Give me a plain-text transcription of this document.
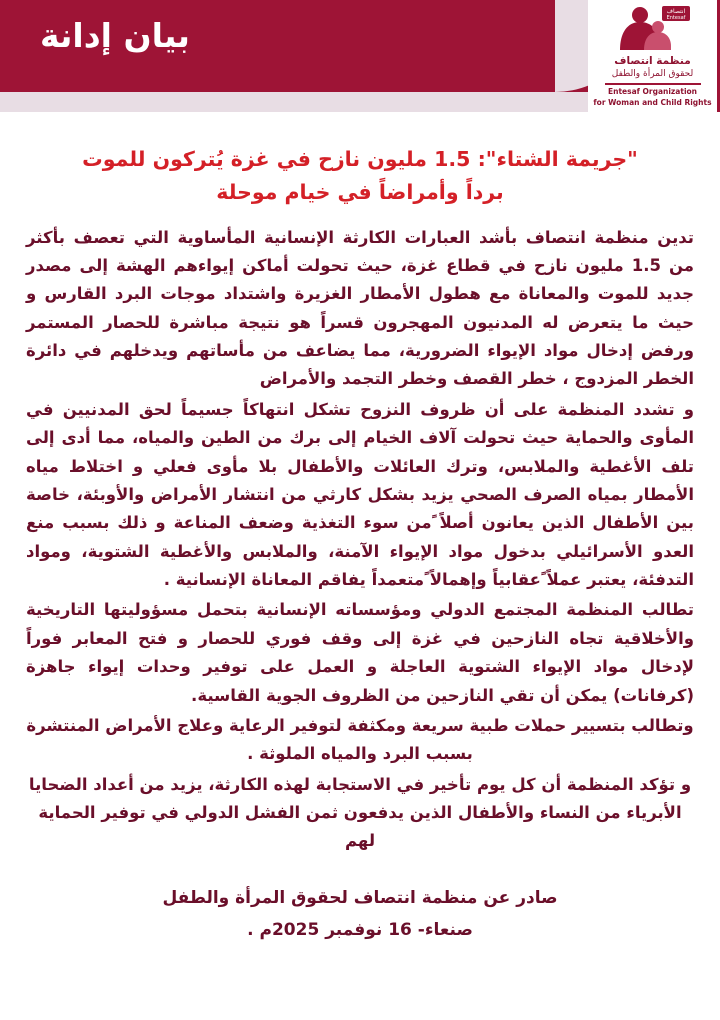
بيان إدانة
انتصاف
Entesaf
منظمة انتصاف
لحقوق المرأة والطفل
Entesaf Organization
for Woman and Child Rights
"جريمة الشتاء": 1.5 مليون نازح في غزة يُتركون للموت
برداً وأمراضاً في خيام موحلة

تدين منظمة انتصاف بأشد العبارات الكارثة الإنسانية المأساوية التي تعصف بأكثر من 1.5 مليون نازح في قطاع غزة، حيث تحولت أماكن إيواءهم الهشة إلى مصدر جديد للموت والمعاناة مع هطول الأمطار الغزيرة واشتداد موجات البرد القارس و حيث ما يتعرض له المدنيون المهجرون قسراً هو نتيجة مباشرة للحصار المستمر ورفض إدخال مواد الإيواء الضرورية، مما يضاعف من مأساتهم ويدخلهم في دائرة الخطر المزدوج ، خطر القصف وخطر التجمد والأمراض

و تشدد المنظمة على أن ظروف النزوح تشكل انتهاكاً جسيماً لحق المدنيين في المأوى والحماية حيث تحولت آلاف الخيام إلى برك من الطين والمياه، مما أدى إلى تلف الأغطية والملابس، وترك العائلات والأطفال بلا مأوى فعلي و اختلاط مياه الأمطار بمياه الصرف الصحي يزيد بشكل كارثي من انتشار الأمراض والأوبئة، خاصة بين الأطفال الذين يعانون أصلاً ًمن سوء التغذية وضعف المناعة و ذلك بسبب منع العدو الأسرائيلي بدخول مواد الإيواء الآمنة، والملابس والأغطية الشتوية، ومواد التدفئة، يعتبر عملاً ًعقابياً وإهمالاً ًمتعمداً يفاقم المعاناة الإنسانية .

تطالب المنظمة المجتمع الدولي ومؤسساته الإنسانية بتحمل مسؤوليتها التاريخية والأخلاقية تجاه النازحين في غزة إلى وقف فوري للحصار و فتح المعابر فوراً لإدخال مواد الإيواء الشتوية العاجلة و العمل على توفير وحدات إيواء جاهزة (كرفانات) يمكن أن تقي النازحين من الظروف الجوية القاسية.

وتطالب بتسيير حملات طبية سريعة ومكثفة لتوفير الرعاية وعلاج الأمراض المنتشرة بسبب البرد والمياه الملوثة .

و تؤكد المنظمة أن كل يوم تأخير في الاستجابة لهذه الكارثة، يزيد من أعداد الضحايا الأبرياء من النساء والأطفال الذين يدفعون ثمن الفشل الدولي في توفير الحماية لهم

صادر عن منظمة انتصاف لحقوق المرأة والطفل
صنعاء- 16 نوفمبر 2025م .
